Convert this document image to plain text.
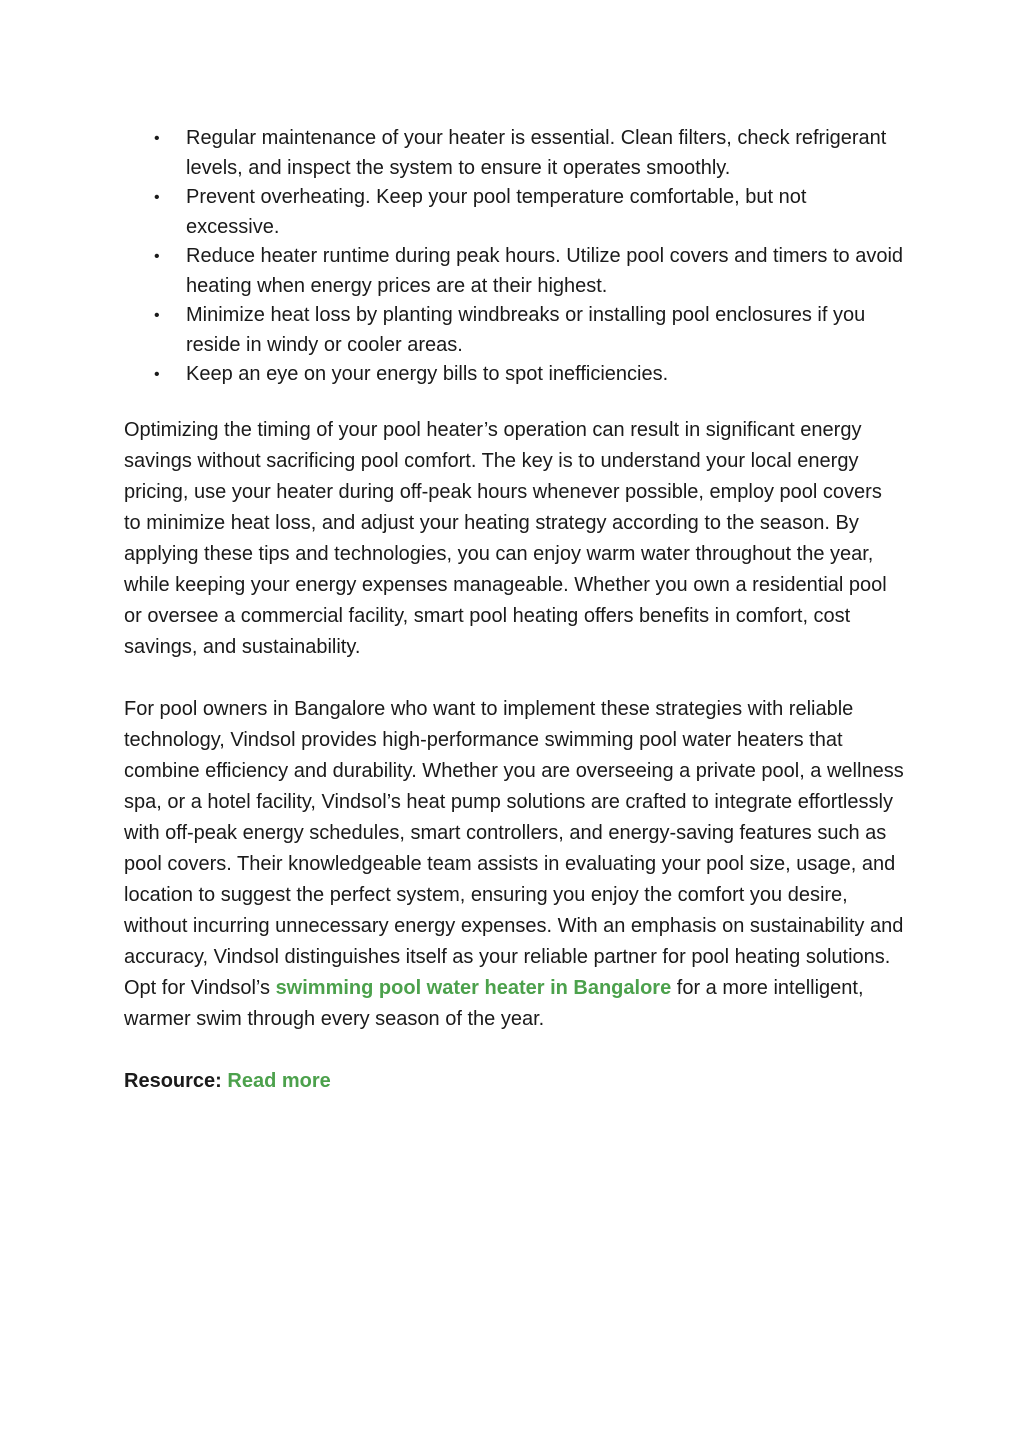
• Regular maintenance of your heater is essential. Clean filters, check refrigerant levels, and inspect the system to ensure it operates smoothly.
• Prevent overheating. Keep your pool temperature comfortable, but not excessive.
• Reduce heater runtime during peak hours. Utilize pool covers and timers to avoid heating when energy prices are at their highest.
• Minimize heat loss by planting windbreaks or installing pool enclosures if you reside in windy or cooler areas.
• Keep an eye on your energy bills to spot inefficiencies.

Optimizing the timing of your pool heater’s operation can result in significant energy savings without sacrificing pool comfort. The key is to understand your local energy pricing, use your heater during off-peak hours whenever possible, employ pool covers to minimize heat loss, and adjust your heating strategy according to the season. By applying these tips and technologies, you can enjoy warm water throughout the year, while keeping your energy expenses manageable. Whether you own a residential pool or oversee a commercial facility, smart pool heating offers benefits in comfort, cost savings, and sustainability.

For pool owners in Bangalore who want to implement these strategies with reliable technology, Vindsol provides high-performance swimming pool water heaters that combine efficiency and durability. Whether you are overseeing a private pool, a wellness spa, or a hotel facility, Vindsol’s heat pump solutions are crafted to integrate effortlessly with off-peak energy schedules, smart controllers, and energy-saving features such as pool covers. Their knowledgeable team assists in evaluating your pool size, usage, and location to suggest the perfect system, ensuring you enjoy the comfort you desire, without incurring unnecessary energy expenses. With an emphasis on sustainability and accuracy, Vindsol distinguishes itself as your reliable partner for pool heating solutions. Opt for Vindsol’s swimming pool water heater in Bangalore for a more intelligent, warmer swim through every season of the year.

Resource: Read more
